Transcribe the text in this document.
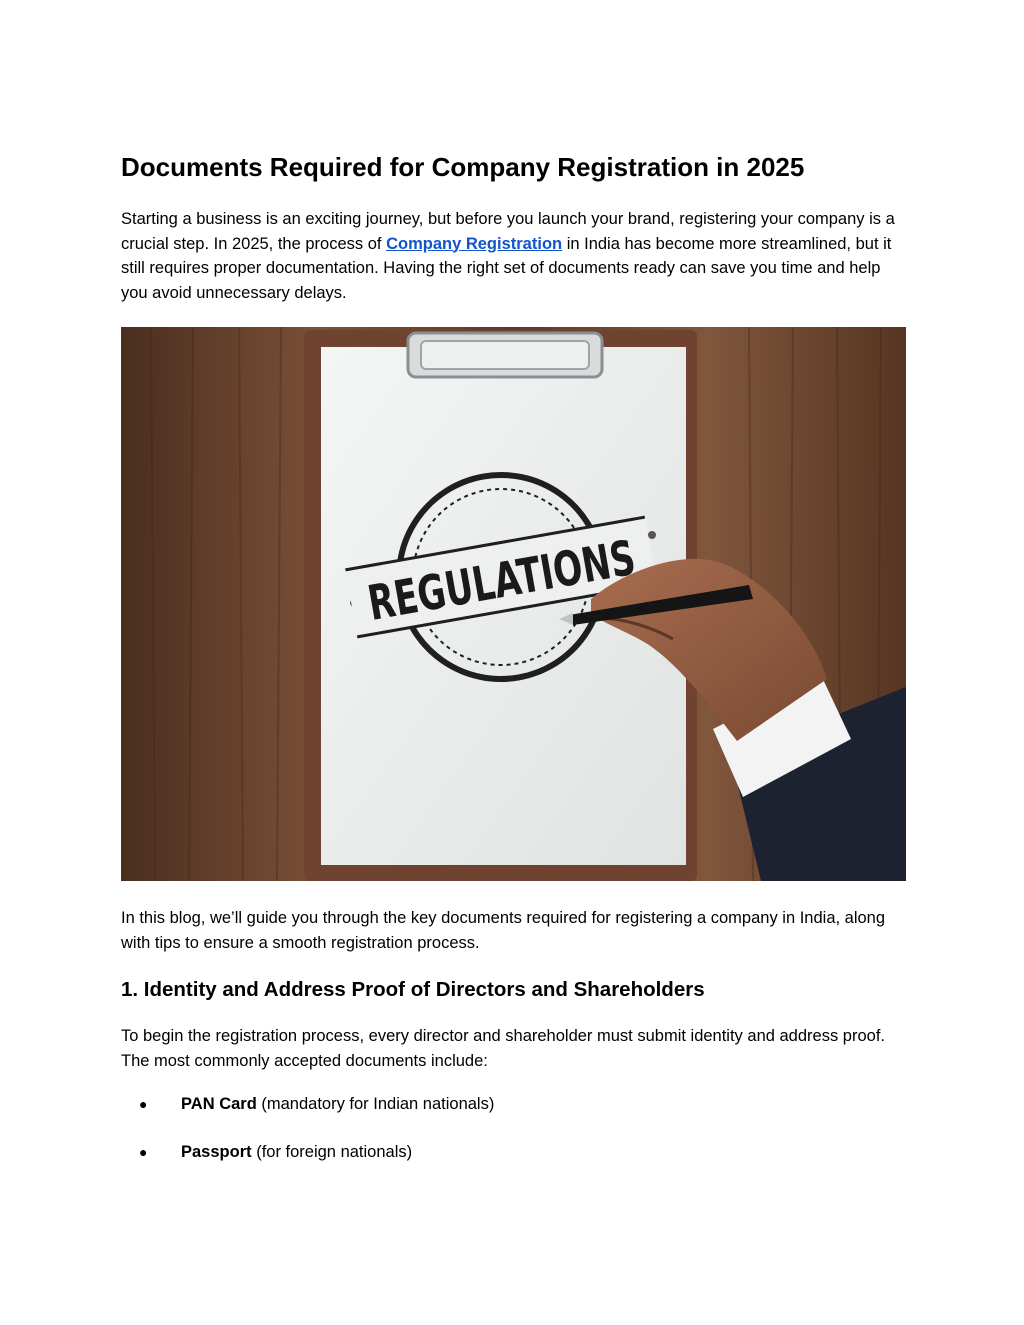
Documents Required for Company Registration in 2025

Starting a business is an exciting journey, but before you launch your brand, registering your company is a crucial step. In 2025, the process of Company Registration in India has become more streamlined, but it still requires proper documentation. Having the right set of documents ready can save you time and help you avoid unnecessary delays.

REGULATIONS

In this blog, we’ll guide you through the key documents required for registering a company in India, along with tips to ensure a smooth registration process.

1. Identity and Address Proof of Directors and Shareholders

To begin the registration process, every director and shareholder must submit identity and address proof. The most commonly accepted documents include:

● PAN Card (mandatory for Indian nationals)
● Passport (for foreign nationals)
